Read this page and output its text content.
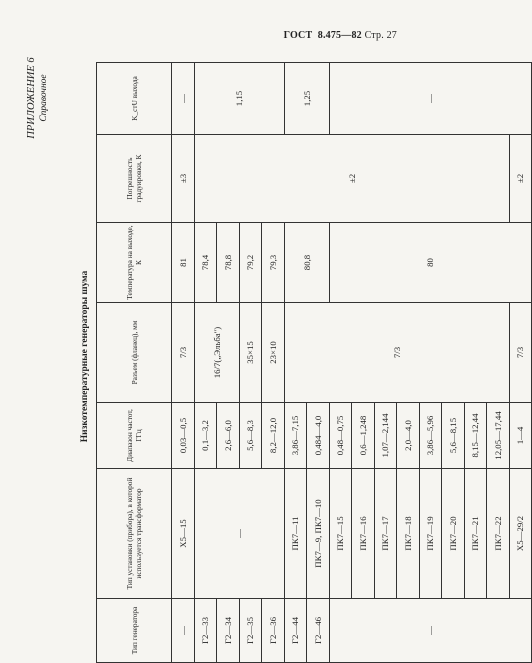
ГОСТ 8.475—82 Стр. 27
ПРИЛОЖЕНИЕ 6 Справочное
Низкотемпературные генераторы шума
Тип генератора	Тип установки (прибора), в которой используется трансформатор	Диапазон частот, ГГц	Разъем (фланец), мм	Температура на выходе, К	Погрешность градуировки, К	K_стU выхода	
—	Х5—15	0,03—0,5	7/3	81	±3	—	
Г2—33	—	0,1—3,2	16/7(„Эльба")	78,4	±2	1,15	
Г2—34		2,6—6,0		78,8			
Г2—35		5,6—8,3	35×15	79,2			
Г2—36		8,2—12,0	23×10	79,3			
Г2—44	ПК7—11	3,86—7,15	7/3	80,8		1,25	
Г2—46	ПК7—9, ПК7—10	0,484—4,0					
—	ПК7—15	0,48—0,75		80		—	
	ПК7—16	0,6—1,248					
	ПК7—17	1,07—2,144					
	ПК7—18	2,0—4,0					
	ПК7—19	3,86—5,96					
	ПК7—20	5,6—8,15					
	ПК7—21	8,15—12,44					
	ПК7—22	12,05—17,44		
	Х5—29/2	1—4	7/3		±2		
